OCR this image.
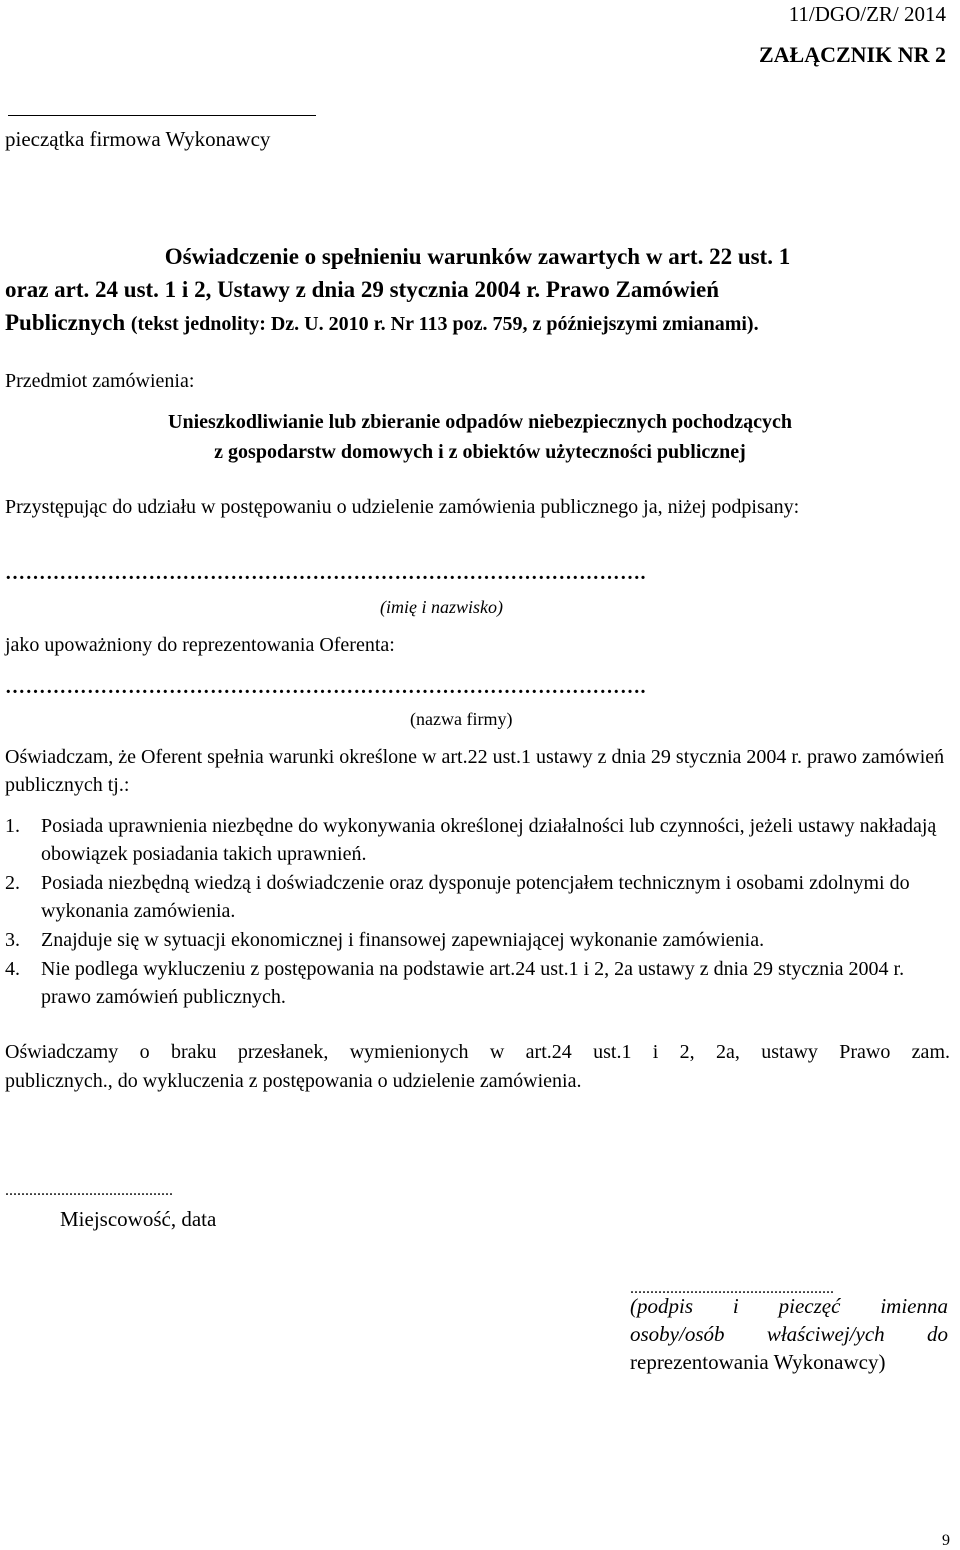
11/DGO/ZR/ 2014

ZAŁĄCZNIK NR 2

pieczątka firmowa Wykonawcy

Oświadczenie o spełnieniu warunków zawartych w art. 22 ust. 1
oraz art. 24 ust. 1 i 2, Ustawy z dnia 29 stycznia 2004 r. Prawo Zamówień
Publicznych (tekst jednolity: Dz. U. 2010 r. Nr 113 poz. 759, z późniejszymi zmianami).

Przedmiot zamówienia:

Unieszkodliwianie lub zbieranie odpadów niebezpiecznych pochodzących
z gospodarstw domowych i z obiektów użyteczności publicznej

Przystępując do udziału w postępowaniu o udzielenie zamówienia publicznego ja, niżej podpisany:

………………………………………………………………………………….

(imię i nazwisko)

jako upoważniony do reprezentowania Oferenta:

………………………………………………………………………………….

(nazwa firmy)

Oświadczam, że Oferent spełnia warunki określone w art.22 ust.1 ustawy z dnia 29 stycznia 2004 r. prawo zamówień publicznych tj.:

1. Posiada uprawnienia niezbędne do wykonywania określonej działalności lub czynności, jeżeli ustawy nakładają obowiązek posiadania takich uprawnień.
2. Posiada niezbędną wiedzą i doświadczenie oraz dysponuje potencjałem technicznym i osobami zdolnymi do wykonania zamówienia.
3. Znajduje się w sytuacji ekonomicznej i finansowej zapewniającej wykonanie zamówienia.
4. Nie podlega wykluczeniu z postępowania na podstawie art.24 ust.1 i 2, 2a ustawy z dnia 29 stycznia 2004 r. prawo zamówień publicznych.
Oświadczamy o braku przesłanek, wymienionych w art.24 ust.1 i 2, 2a, ustawy Prawo zam.
publicznych., do wykluczenia z postępowania o udzielenie zamówienia.

..........................................

Miejscowość, data

...................................................

(podpis i pieczęć imienna
osoby/osób właściwej/ych do
reprezentowania Wykonawcy)

9
